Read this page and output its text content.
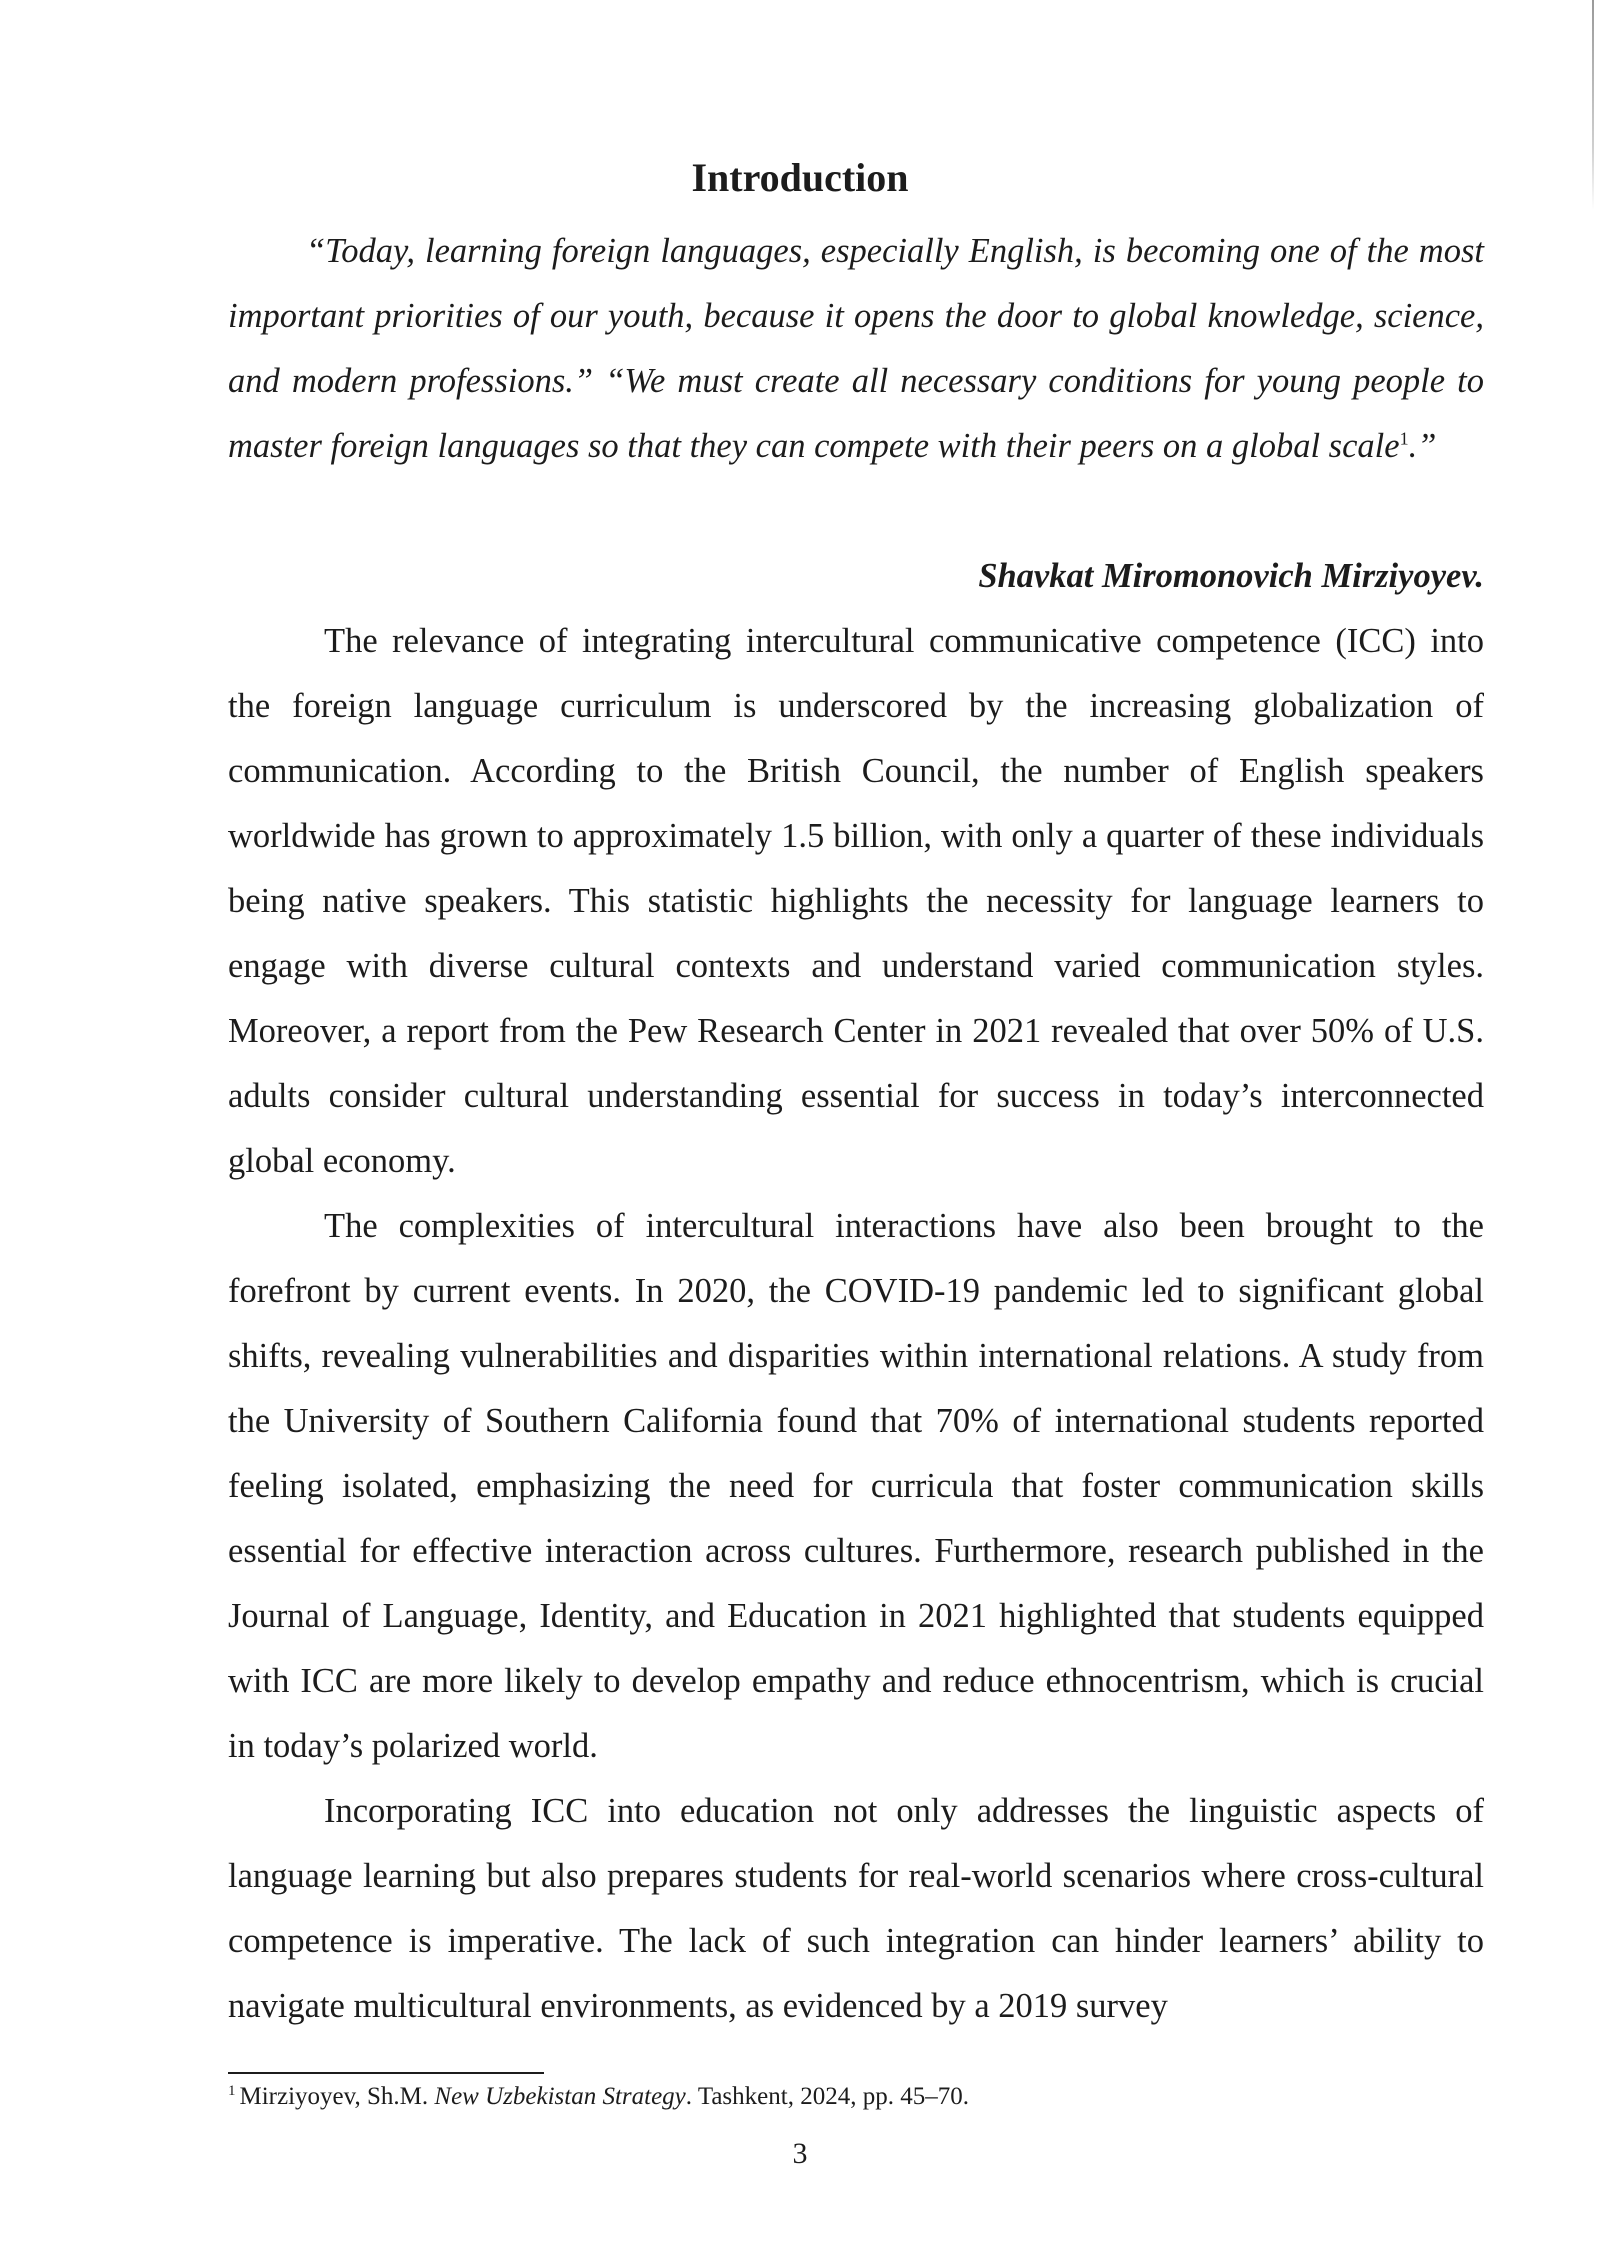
Introduction

“Today, learning foreign languages, especially English, is becoming one of the most important priorities of our youth, because it opens the door to global knowledge, science, and modern professions.” “We must create all necessary conditions for young people to master foreign languages so that they can compete with their peers on a global scale$^1$.”

Shavkat Miromonovich Mirziyoyev.

The relevance of integrating intercultural communicative competence (ICC) into the foreign language curriculum is underscored by the increasing globalization of communication. According to the British Council, the number of English speakers worldwide has grown to approximately 1.5 billion, with only a quarter of these individuals being native speakers. This statistic highlights the necessity for language learners to engage with diverse cultural contexts and understand varied communication styles. Moreover, a report from the Pew Research Center in 2021 revealed that over 50% of U.S. adults consider cultural understanding essential for success in today’s interconnected global economy.

The complexities of intercultural interactions have also been brought to the forefront by current events. In 2020, the COVID-19 pandemic led to significant global shifts, revealing vulnerabilities and disparities within international relations. A study from the University of Southern California found that 70% of international students reported feeling isolated, emphasizing the need for curricula that foster communication skills essential for effective interaction across cultures. Furthermore, research published in the Journal of Language, Identity, and Education in 2021 highlighted that students equipped with ICC are more likely to develop empathy and reduce ethnocentrism, which is crucial in today’s polarized world.

Incorporating ICC into education not only addresses the linguistic aspects of language learning but also prepares students for real-world scenarios where cross-cultural competence is imperative. The lack of such integration can hinder learners’ ability to navigate multicultural environments, as evidenced by a 2019 survey

$^1$ Mirziyoyev, Sh.M. New Uzbekistan Strategy. Tashkent, 2024, pp. 45–70.

3
